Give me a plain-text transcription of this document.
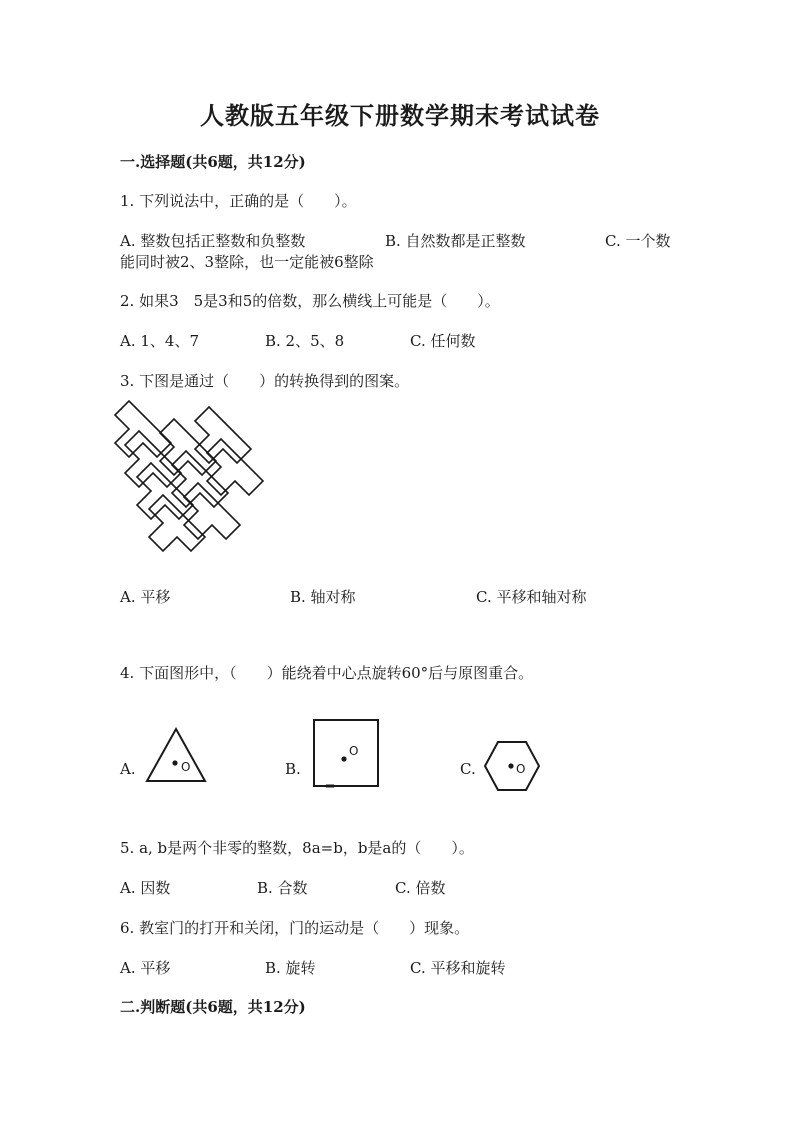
人教版五年级下册数学期末考试试卷
一.选择题(共6题，共12分)
1. 下列说法中，正确的是（　　）。
A. 整数包括正整数和负整数	B. 自然数都是正整数	C. 一个数
能同时被2、3整除，也一定能被6整除
2. 如果3　5是3和5的倍数，那么横线上可能是（　　）。
A. 1、4、7	B. 2、5、8	C. 任何数
3. 下图是通过（　　）的转换得到的图案。
A. 平移	B. 轴对称	C. 平移和轴对称
4. 下面图形中，（　　）能绕着中心点旋转60°后与原图重合。
A.	O	B.
O
C.	O
5. a, b是两个非零的整数，8a=b，b是a的（　　）。
A. 因数	B. 合数	C. 倍数
6. 教室门的打开和关闭，门的运动是（　　）现象。
A. 平移	B. 旋转	C. 平移和旋转
二.判断题(共6题，共12分)
